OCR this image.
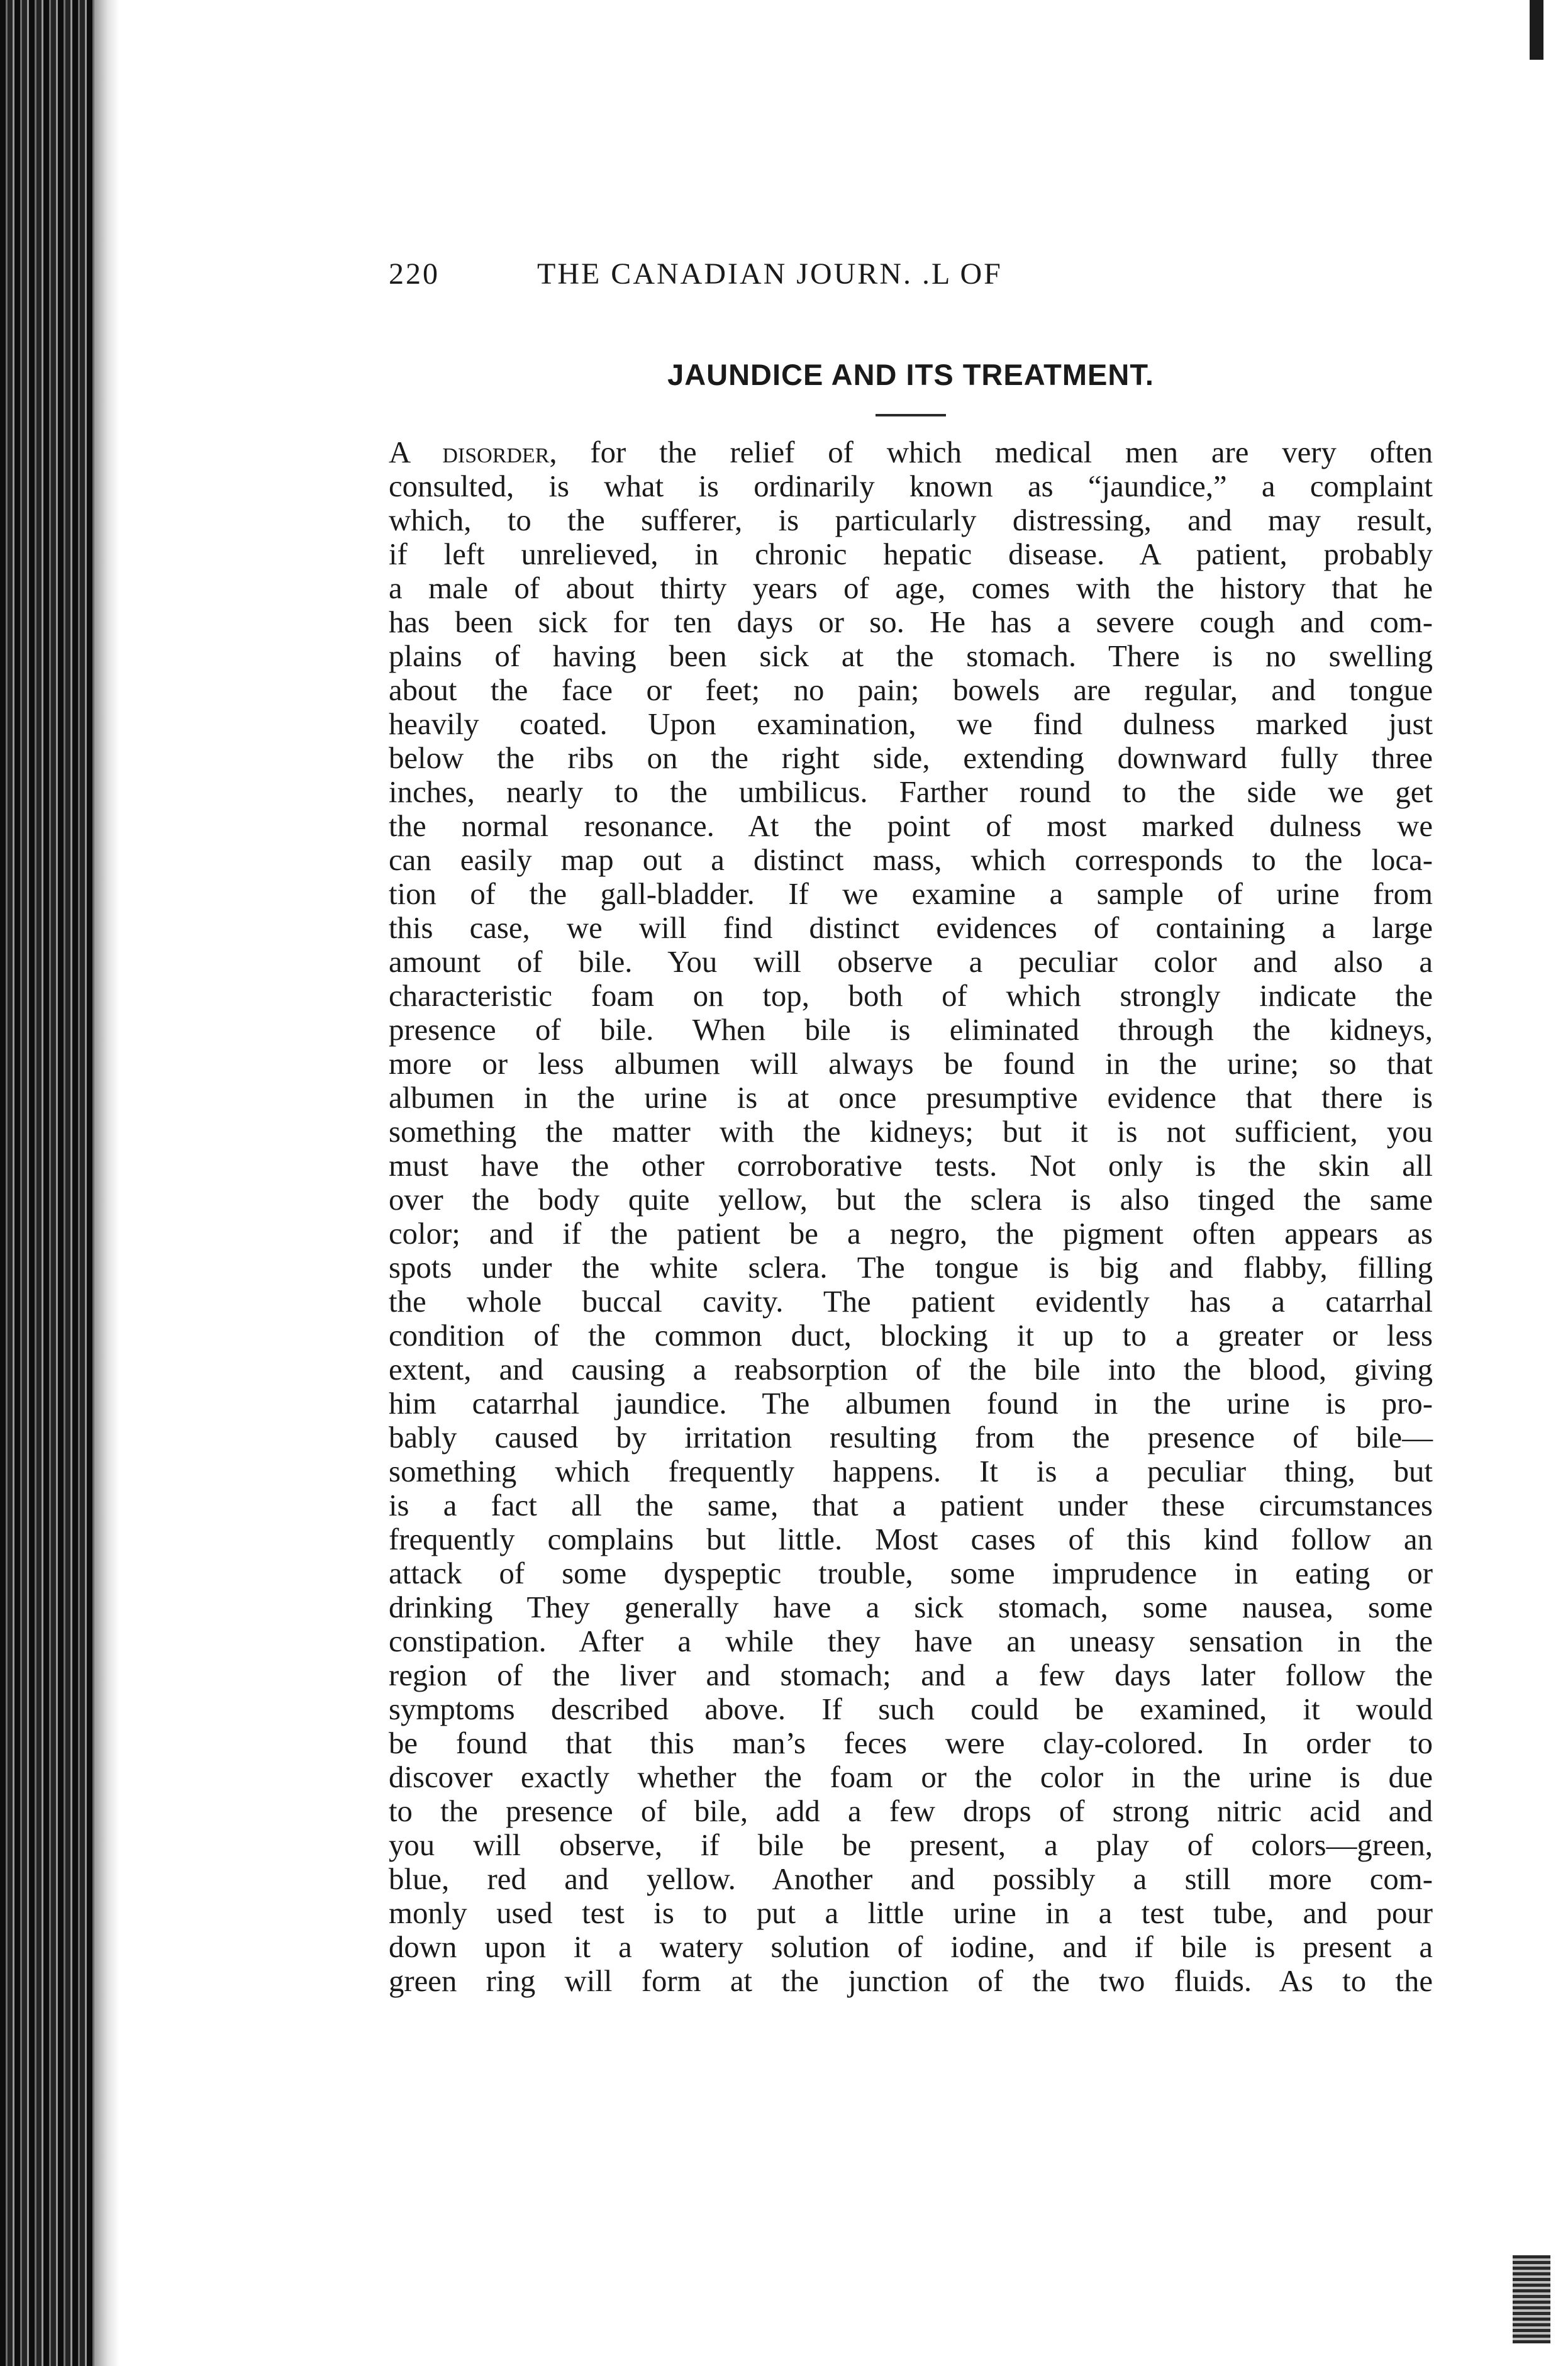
220	THE CANADIAN JOURN. .L OF
JAUNDICE AND ITS TREATMENT.
A disorder, for the relief of which medical men are very often
consulted, is what is ordinarily known as “jaundice,” a complaint
which, to the sufferer, is particularly distressing, and may result,
if left unrelieved, in chronic hepatic disease. A patient, probably
a male of about thirty years of age, comes with the history that he
has been sick for ten days or so. He has a severe cough and com-
plains of having been sick at the stomach. There is no swelling
about the face or feet; no pain; bowels are regular, and tongue
heavily coated. Upon examination, we find dulness marked just
below the ribs on the right side, extending downward fully three
inches, nearly to the umbilicus. Farther round to the side we get
the normal resonance. At the point of most marked dulness we
can easily map out a distinct mass, which corresponds to the loca-
tion of the gall-bladder. If we examine a sample of urine from
this case, we will find distinct evidences of containing a large
amount of bile. You will observe a peculiar color and also a
characteristic foam on top, both of which strongly indicate the
presence of bile. When bile is eliminated through the kidneys,
more or less albumen will always be found in the urine; so that
albumen in the urine is at once presumptive evidence that there is
something the matter with the kidneys; but it is not sufficient, you
must have the other corroborative tests. Not only is the skin all
over the body quite yellow, but the sclera is also tinged the same
color; and if the patient be a negro, the pigment often appears as
spots under the white sclera. The tongue is big and flabby, filling
the whole buccal cavity. The patient evidently has a catarrhal
condition of the common duct, blocking it up to a greater or less
extent, and causing a reabsorption of the bile into the blood, giving
him catarrhal jaundice. The albumen found in the urine is pro-
bably caused by irritation resulting from the presence of bile—
something which frequently happens. It is a peculiar thing, but
is a fact all the same, that a patient under these circumstances
frequently complains but little. Most cases of this kind follow an
attack of some dyspeptic trouble, some imprudence in eating or
drinking They generally have a sick stomach, some nausea, some
constipation. After a while they have an uneasy sensation in the
region of the liver and stomach; and a few days later follow the
symptoms described above. If such could be examined, it would
be found that this man’s feces were clay-colored. In order to
discover exactly whether the foam or the color in the urine is due
to the presence of bile, add a few drops of strong nitric acid and
you will observe, if bile be present, a play of colors—green,
blue, red and yellow. Another and possibly a still more com-
monly used test is to put a little urine in a test tube, and pour
down upon it a watery solution of iodine, and if bile is present a
green ring will form at the junction of the two fluids. As to the
